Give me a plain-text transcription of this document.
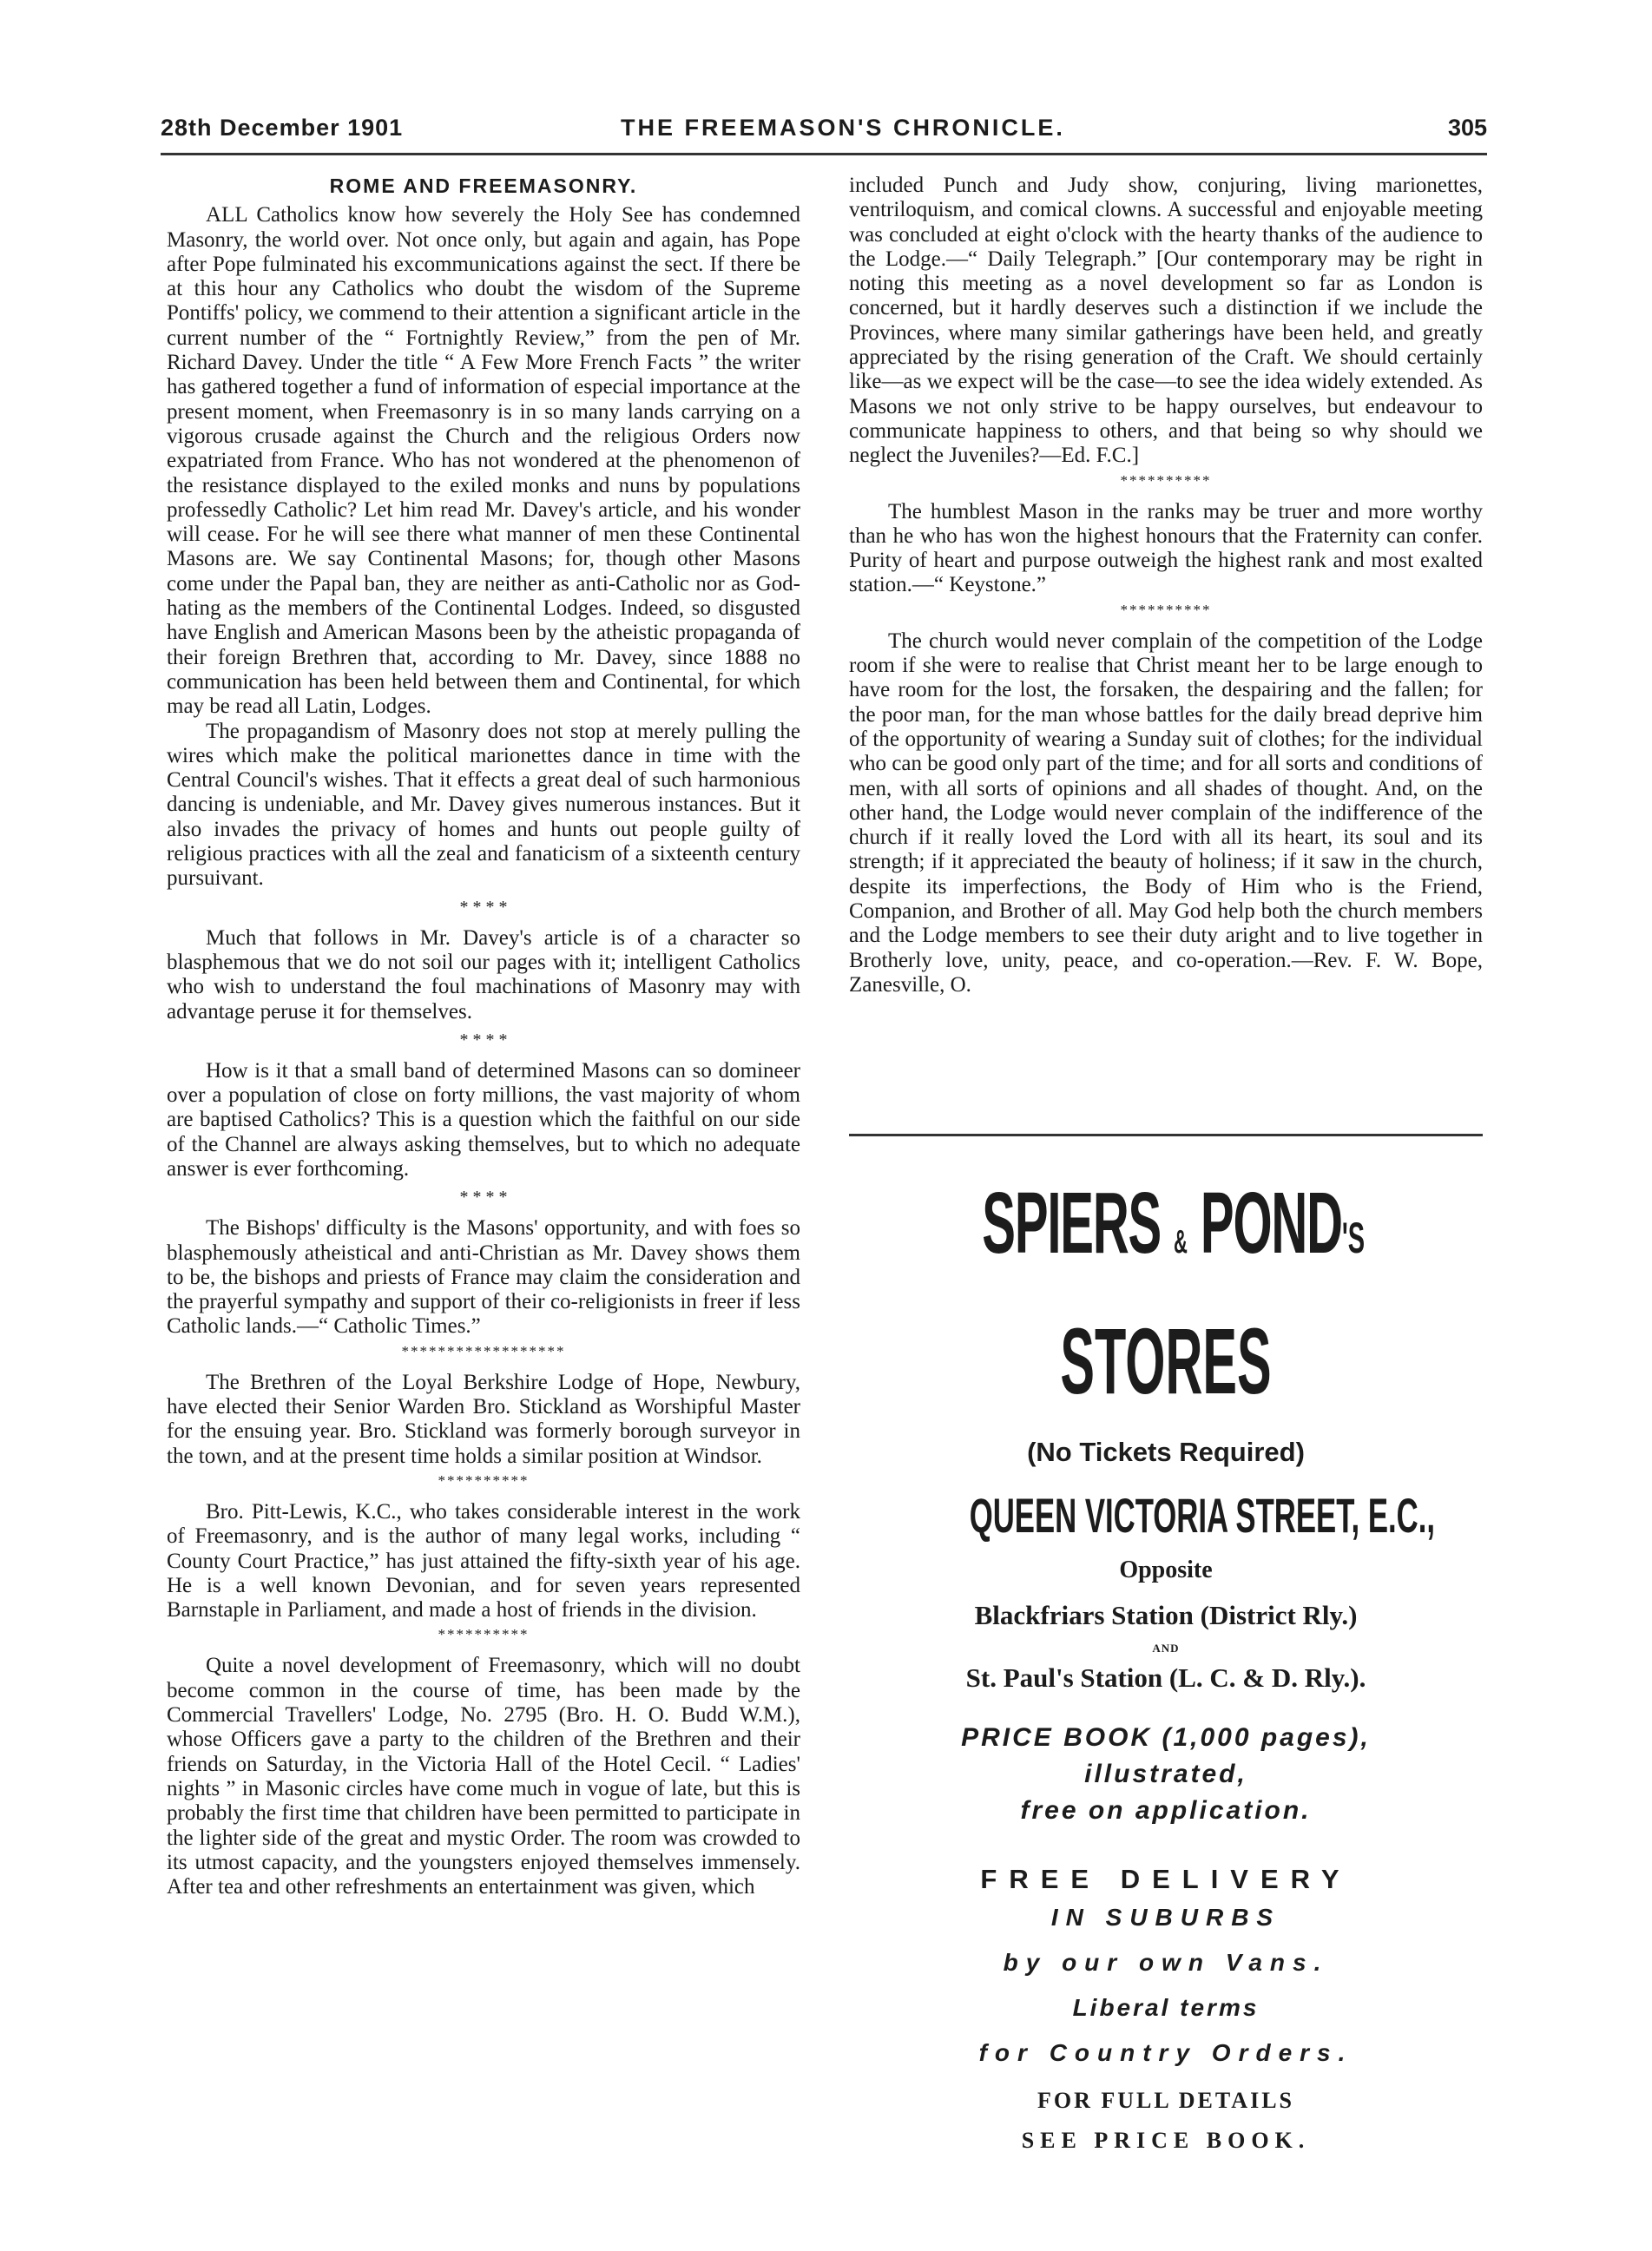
28th December 1901	THE FREEMASON'S CHRONICLE.	305
ROME AND FREEMASONRY.

ALL Catholics know how severely the Holy See has condemned Masonry, the world over. Not once only, but again and again, has Pope after Pope fulminated his excommunications against the sect. If there be at this hour any Catholics who doubt the wisdom of the Supreme Pontiffs' policy, we commend to their attention a significant article in the current number of the “ Fortnightly Review,” from the pen of Mr. Richard Davey. Under the title “ A Few More French Facts ” the writer has gathered together a fund of information of especial importance at the present moment, when Freemasonry is in so many lands carrying on a vigorous crusade against the Church and the religious Orders now expatriated from France. Who has not wondered at the phenomenon of the resistance displayed to the exiled monks and nuns by populations professedly Catholic? Let him read Mr. Davey's article, and his wonder will cease. For he will see there what manner of men these Continental Masons are. We say Continental Masons; for, though other Masons come under the Papal ban, they are neither as anti-Catholic nor as God-hating as the members of the Continental Lodges. Indeed, so disgusted have English and American Masons been by the atheistic propaganda of their foreign Brethren that, according to Mr. Davey, since 1888 no communication has been held between them and Continental, for which may be read all Latin, Lodges.

The propagandism of Masonry does not stop at merely pulling the wires which make the political marionettes dance in time with the Central Council's wishes. That it effects a great deal of such harmonious dancing is undeniable, and Mr. Davey gives numerous instances. But it also invades the privacy of homes and hunts out people guilty of religious practices with all the zeal and fanaticism of a sixteenth century pursuivant.

* * * *

Much that follows in Mr. Davey's article is of a character so blasphemous that we do not soil our pages with it; intelligent Catholics who wish to understand the foul machinations of Masonry may with advantage peruse it for themselves.

* * * *

How is it that a small band of determined Masons can so domineer over a population of close on forty millions, the vast majority of whom are baptised Catholics? This is a question which the faithful on our side of the Channel are always asking themselves, but to which no adequate answer is ever forthcoming.

* * * *

The Bishops' difficulty is the Masons' opportunity, and with foes so blasphemously atheistical and anti-Christian as Mr. Davey shows them to be, the bishops and priests of France may claim the consideration and the prayerful sympathy and support of their co-religionists in freer if less Catholic lands.—“ Catholic Times.”

******************

The Brethren of the Loyal Berkshire Lodge of Hope, Newbury, have elected their Senior Warden Bro. Stickland as Worshipful Master for the ensuing year. Bro. Stickland was formerly borough surveyor in the town, and at the present time holds a similar position at Windsor.

**********

Bro. Pitt-Lewis, K.C., who takes considerable interest in the work of Freemasonry, and is the author of many legal works, including “ County Court Practice,” has just attained the fifty-sixth year of his age. He is a well known Devonian, and for seven years represented Barnstaple in Parliament, and made a host of friends in the division.

**********

Quite a novel development of Freemasonry, which will no doubt become common in the course of time, has been made by the Commercial Travellers' Lodge, No. 2795 (Bro. H. O. Budd W.M.), whose Officers gave a party to the children of the Brethren and their friends on Saturday, in the Victoria Hall of the Hotel Cecil. “ Ladies' nights ” in Masonic circles have come much in vogue of late, but this is probably the first time that children have been permitted to participate in the lighter side of the great and mystic Order. The room was crowded to its utmost capacity, and the youngsters enjoyed themselves immensely. After tea and other refreshments an entertainment was given, which

included Punch and Judy show, conjuring, living marionettes, ventriloquism, and comical clowns. A successful and enjoyable meeting was concluded at eight o'clock with the hearty thanks of the audience to the Lodge.—“ Daily Telegraph.” [Our contemporary may be right in noting this meeting as a novel development so far as London is concerned, but it hardly deserves such a distinction if we include the Provinces, where many similar gatherings have been held, and greatly appreciated by the rising generation of the Craft. We should certainly like—as we expect will be the case—to see the idea widely extended. As Masons we not only strive to be happy ourselves, but endeavour to communicate happiness to others, and that being so why should we neglect the Juveniles?—Ed. F.C.]

**********

The humblest Mason in the ranks may be truer and more worthy than he who has won the highest honours that the Fraternity can confer. Purity of heart and purpose outweigh the highest rank and most exalted station.—“ Keystone.”

**********

The church would never complain of the competition of the Lodge room if she were to realise that Christ meant her to be large enough to have room for the lost, the forsaken, the despairing and the fallen; for the poor man, for the man whose battles for the daily bread deprive him of the opportunity of wearing a Sunday suit of clothes; for the individual who can be good only part of the time; and for all sorts and conditions of men, with all sorts of opinions and all shades of thought. And, on the other hand, the Lodge would never complain of the indifference of the church if it really loved the Lord with all its heart, its soul and its strength; if it appreciated the beauty of holiness; if it saw in the church, despite its imperfections, the Body of Him who is the Friend, Companion, and Brother of all. May God help both the church members and the Lodge members to see their duty aright and to live together in Brotherly love, unity, peace, and co-operation.—Rev. F. W. Bope, Zanesville, O.

SPIERS & POND'S
STORES
(No Tickets Required)
QUEEN VICTORIA STREET, E.C.,
Opposite
Blackfriars Station (District Rly.)
AND
St. Paul's Station (L. C. & D. Rly.).
PRICE BOOK (1,000 pages),
illustrated,
free on application.
FREE DELIVERY
IN SUBURBS
by our own Vans.
Liberal terms
for Country Orders.
FOR FULL DETAILS
SEE PRICE BOOK.
